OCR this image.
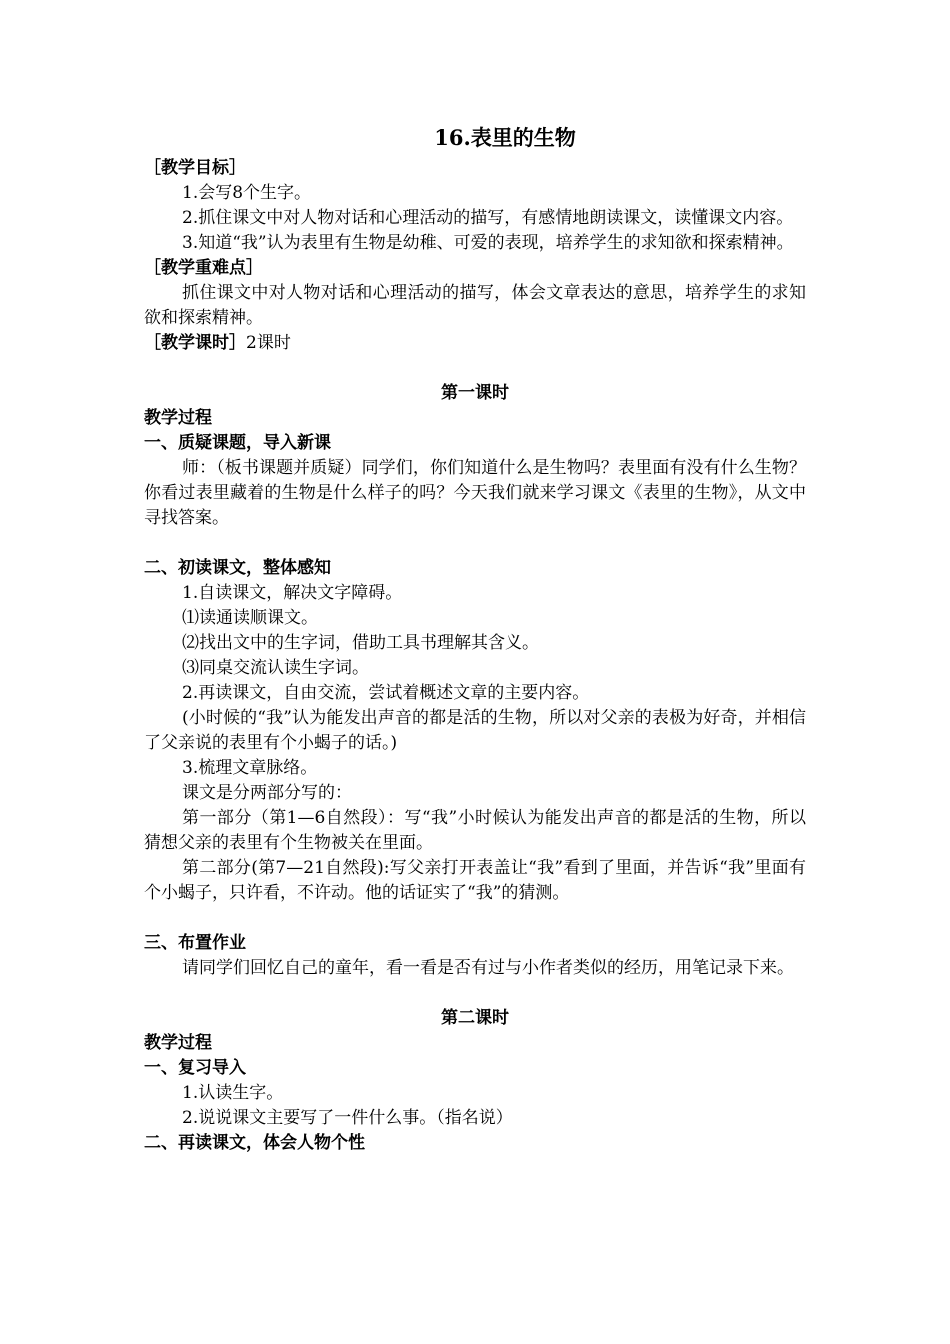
16.表里的生物
［教学目标］
1.会写8个生字。
2.抓住课文中对人物对话和心理活动的描写，有感情地朗读课文，读懂课文内容。
3.知道“我”认为表里有生物是幼稚、可爱的表现，培养学生的求知欲和探索精神。
［教学重难点］
抓住课文中对人物对话和心理活动的描写，体会文章表达的意思，培养学生的求知欲和探索精神。
［教学课时］2课时
第一课时
教学过程
一、质疑课题，导入新课
师：（板书课题并质疑）同学们，你们知道什么是生物吗？表里面有没有什么生物？你看过表里藏着的生物是什么样子的吗？今天我们就来学习课文《表里的生物》，从文中寻找答案。
二、初读课文，整体感知
1.自读课文，解决文字障碍。
⑴读通读顺课文。
⑵找出文中的生字词，借助工具书理解其含义。
⑶同桌交流认读生字词。
2.再读课文，自由交流，尝试着概述文章的主要内容。
(小时候的“我”认为能发出声音的都是活的生物，所以对父亲的表极为好奇，并相信了父亲说的表里有个小蝎子的话。)
3.梳理文章脉络。
课文是分两部分写的：
第一部分（第1—6自然段）：写“我”小时候认为能发出声音的都是活的生物，所以猜想父亲的表里有个生物被关在里面。
第二部分(第7—21自然段):写父亲打开表盖让“我”看到了里面，并告诉“我”里面有个小蝎子，只许看，不许动。他的话证实了“我”的猜测。
三、布置作业
请同学们回忆自己的童年，看一看是否有过与小作者类似的经历，用笔记录下来。
第二课时
教学过程
一、复习导入
1.认读生字。
2.说说课文主要写了一件什么事。（指名说）
二、再读课文，体会人物个性
